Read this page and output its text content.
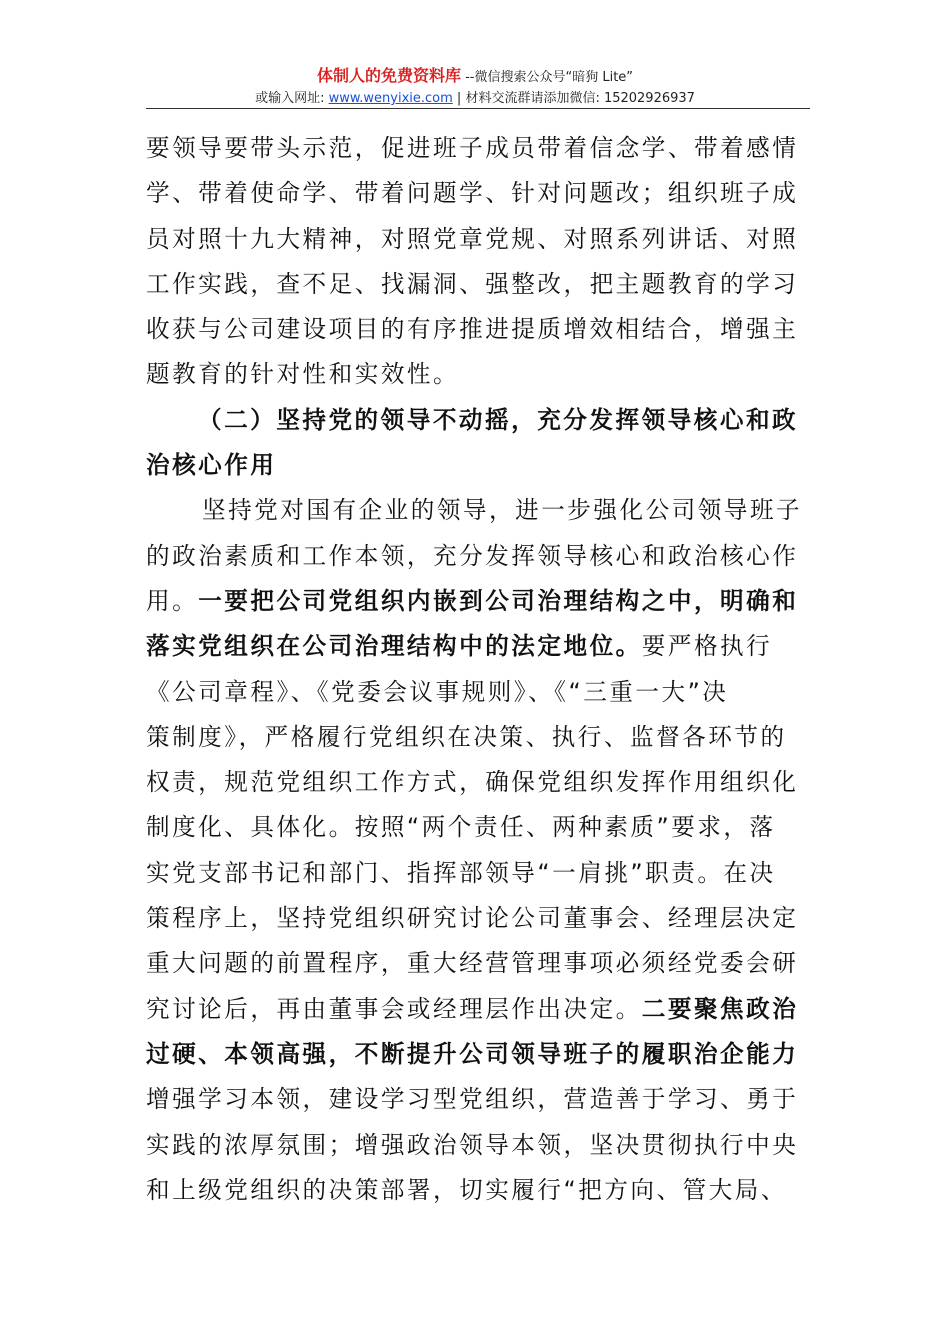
体制人的免费资料库 --微信搜索公众号“暗狗 Lite”
或输入网址: www.wenyixie.com | 材料交流群请添加微信: 15202926937
要领导要带头示范，促进班子成员带着信念学、带着感情
学、带着使命学、带着问题学、针对问题改；组织班子成
员对照十九大精神，对照党章党规、对照系列讲话、对照
工作实践，查不足、找漏洞、强整改，把主题教育的学习
收获与公司建设项目的有序推进提质增效相结合，增强主
题教育的针对性和实效性。
（二）坚持党的领导不动摇，充分发挥领导核心和政
治核心作用
坚持党对国有企业的领导，进一步强化公司领导班子
的政治素质和工作本领，充分发挥领导核心和政治核心作
用。一要把公司党组织内嵌到公司治理结构之中，明确和
落实党组织在公司治理结构中的法定地位。要严格执行
《公司章程》、《党委会议事规则》、《“三重一大”决
策制度》，严格履行党组织在决策、执行、监督各环节的
权责，规范党组织工作方式，确保党组织发挥作用组织化
制度化、具体化。按照“两个责任、两种素质”要求，落
实党支部书记和部门、指挥部领导“一肩挑”职责。在决
策程序上，坚持党组织研究讨论公司董事会、经理层决定
重大问题的前置程序，重大经营管理事项必须经党委会研
究讨论后，再由董事会或经理层作出决定。二要聚焦政治
过硬、本领高强，不断提升公司领导班子的履职治企能力
增强学习本领，建设学习型党组织，营造善于学习、勇于
实践的浓厚氛围；增强政治领导本领，坚决贯彻执行中央
和上级党组织的决策部署，切实履行“把方向、管大局、
